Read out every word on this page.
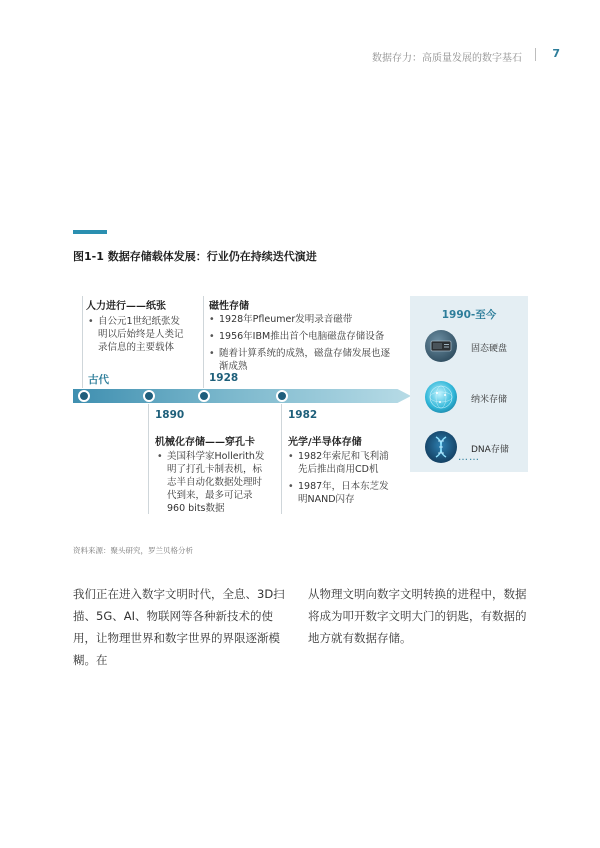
数据存力：高质量发展的数字基石	7
图1-1 数据存储载体发展：行业仍在持续迭代演进
人力进行——纸张
• 自公元1世纪纸张发明以后始终是人类记录信息的主要载体
古代
磁性存储
• 1928年Pfleumer发明录音磁带
• 1956年IBM推出首个电脑磁盘存储设备
• 随着计算系统的成熟，磁盘存储发展也逐渐成熟
1928
1890
机械化存储——穿孔卡
• 美国科学家Hollerith发明了打孔卡制表机，标志半自动化数据处理时代到来，最多可记录960 bits数据
1982
光学/半导体存储
• 1982年索尼和飞利浦先后推出商用CD机
• 1987年，日本东芝发明NAND闪存
1990-至今
固态硬盘
纳米存储
DNA存储
……
资料来源：聚头研究，罗兰贝格分析
我们正在进入数字文明时代，全息、3D扫描、5G、AI、物联网等各种新技术的使用，让物理世界和数字世界的界限逐渐模糊。在
从物理文明向数字文明转换的进程中，数据将成为叩开数字文明大门的钥匙，有数据的地方就有数据存储。
